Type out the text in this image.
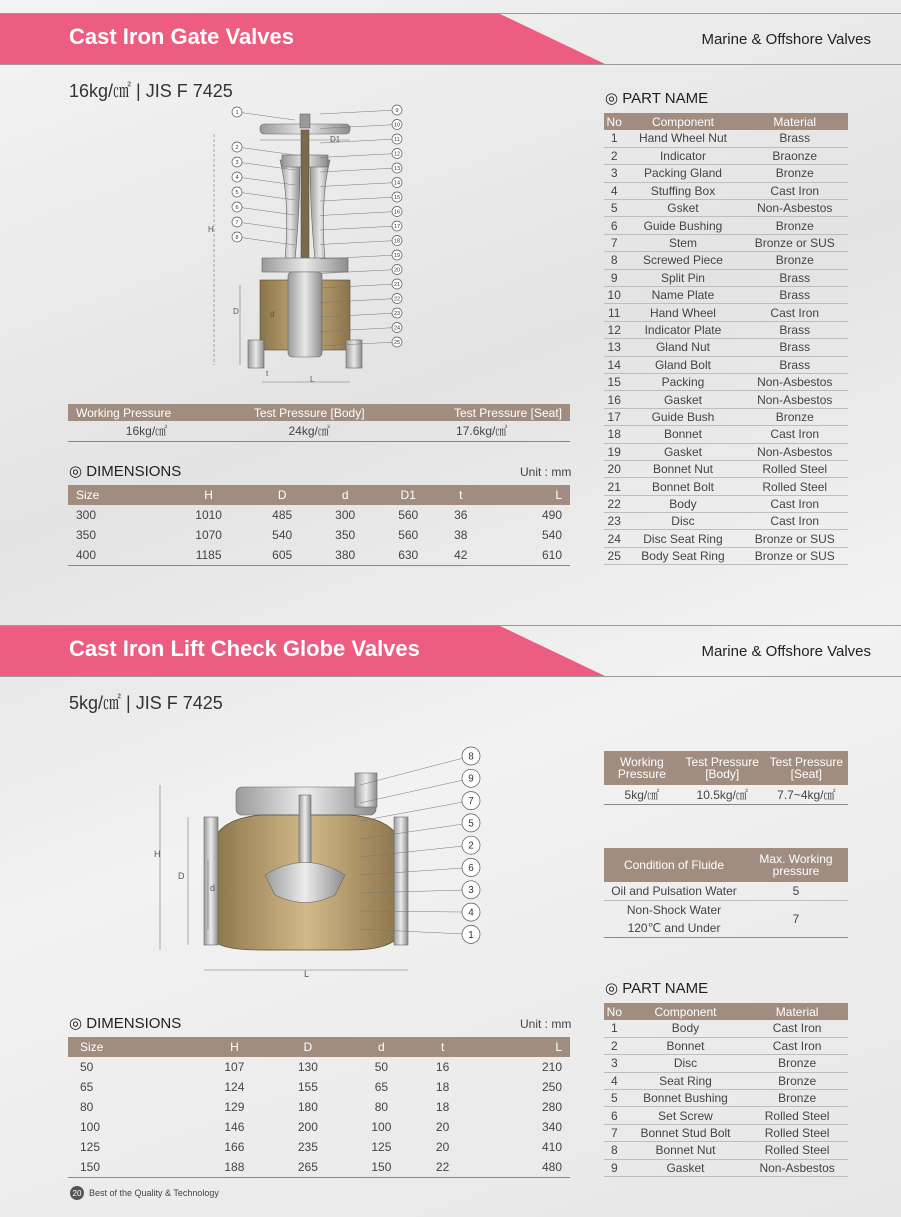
Cast Iron Gate Valves	Marine & Offshore Valves
16kg/㎠ | JIS F 7425
H
D	d
D1
t
L
1
2
3
4
5
6
7
8
9
10
11
12
13
14
15
16
17
18
19
20
21
22
23
24
25
Working Pressure	Test Pressure [Body]	Test Pressure [Seat]
16kg/㎠	24kg/㎠	17.6kg/㎠
◎ DIMENSIONS	Unit : mm
Size	H	D	d	D1	t	L
300	1010	485	300	560	36	490
350	1070	540	350	560	38	540
400	1185	605	380	630	42	610
◎ PART NAME
No	Component	Material
1	Hand Wheel Nut	Brass
2	Indicator	Braonze
3	Packing Gland	Bronze
4	Stuffing Box	Cast Iron
5	Gsket	Non-Asbestos
6	Guide Bushing	Bronze
7	Stem	Bronze or SUS
8	Screwed Piece	Bronze
9	Split Pin	Brass
10	Name Plate	Brass
11	Hand Wheel	Cast Iron
12	Indicator Plate	Brass
13	Gland Nut	Brass
14	Gland Bolt	Brass
15	Packing	Non-Asbestos
16	Gasket	Non-Asbestos
17	Guide Bush	Bronze
18	Bonnet	Cast Iron
19	Gasket	Non-Asbestos
20	Bonnet Nut	Rolled Steel
21	Bonnet Bolt	Rolled Steel
22	Body	Cast Iron
23	Disc	Cast Iron
24	Disc Seat Ring	Bronze or SUS
25	Body Seat Ring	Bronze or SUS
Cast Iron Lift Check Globe Valves	Marine & Offshore Valves
5kg/㎠ | JIS F 7425
H
D
d
L
8
9
7
5
2
6
3
4
1
Working Pressure	Test Pressure [Body]	Test Pressure [Seat]
5kg/㎠	10.5kg/㎠	7.7~4kg/㎠
Condition of Fluide	Max. Working pressure
Oil and Pulsation Water	5
Non-Shock Water 120℃ and Under	7
◎ PART NAME
No	Component	Material
1	Body	Cast Iron
2	Bonnet	Cast Iron
3	Disc	Bronze
4	Seat Ring	Bronze
5	Bonnet Bushing	Bronze
6	Set Screw	Rolled Steel
7	Bonnet Stud Bolt	Rolled Steel
8	Bonnet Nut	Rolled Steel
9	Gasket	Non-Asbestos
◎ DIMENSIONS	Unit : mm
Size	H	D	d	t	L
50	107	130	50	16	210
65	124	155	65	18	250
80	129	180	80	18	280
100	146	200	100	20	340
125	166	235	125	20	410
150	188	265	150	22	480
20 Best of the Quality & Technology
